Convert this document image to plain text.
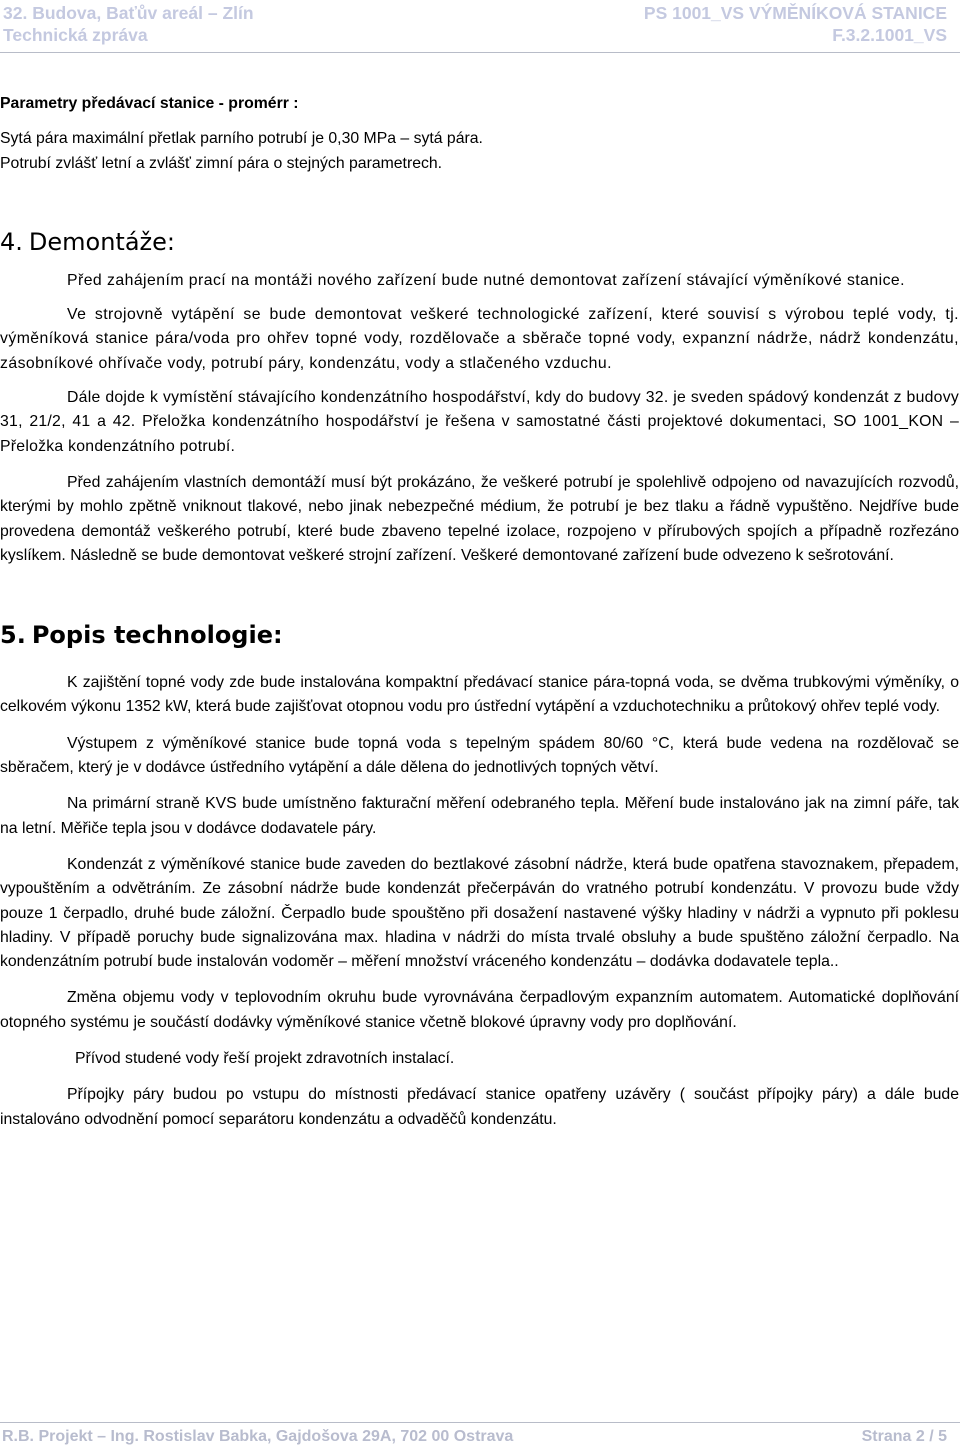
32. Budova, Baťův areál – Zlín
Technická zpráva
PS 1001_VS VÝMĚNÍKOVÁ STANICE
F.3.2.1001_VS

Parametry předávací stanice - promérr :

Sytá pára maximální přetlak parního potrubí je 0,30 MPa – sytá pára.

Potrubí zvlášť letní a zvlášť zimní pára o stejných parametrech.

4. Demontáže:

Před zahájením prací na montáži nového zařízení bude nutné demontovat zařízení stávající výměníkové stanice.

Ve strojovně vytápění se bude demontovat veškeré technologické zařízení, které souvisí s výrobou teplé vody, tj. výměníková stanice pára/voda pro ohřev topné vody, rozdělovače a sběrače topné vody, expanzní nádrže, nádrž kondenzátu, zásobníkové ohřívače vody, potrubí páry, kondenzátu, vody a stlačeného vzduchu.

Dále dojde k vymístění stávajícího kondenzátního hospodářství, kdy do budovy 32. je sveden spádový kondenzát z budovy 31, 21/2, 41 a 42. Přeložka kondenzátního hospodářství je řešena v samostatné části projektové dokumentaci, SO 1001_KON – Přeložka kondenzátního potrubí.

Před zahájením vlastních demontáží musí být prokázáno, že veškeré potrubí je spolehlivě odpojeno od navazujících rozvodů, kterými by mohlo zpětně vniknout tlakové, nebo jinak nebezpečné médium, že potrubí je bez tlaku a řádně vypuštěno. Nejdříve bude provedena demontáž veškerého potrubí, které bude zbaveno tepelné izolace, rozpojeno v přírubových spojích a případně rozřezáno kyslíkem. Následně se bude demontovat veškeré strojní zařízení. Veškeré demontované zařízení bude odvezeno k sešrotování.

5. Popis technologie:

K zajištění topné vody zde bude instalována kompaktní předávací stanice pára-topná voda, se dvěma trubkovými výměníky, o celkovém výkonu 1352 kW, která bude zajišťovat otopnou vodu pro ústřední vytápění a vzduchotechniku a průtokový ohřev teplé vody.

Výstupem z výměníkové stanice bude topná voda s tepelným spádem 80/60 °C, která bude vedena na rozdělovač se sběračem, který je v dodávce ústředního vytápění a dále dělena do jednotlivých topných větví.

Na primární straně KVS bude umístněno fakturační měření odebraného tepla. Měření bude instalováno jak na zimní páře, tak na letní. Měřiče tepla jsou v dodávce dodavatele páry.

Kondenzát z výměníkové stanice bude zaveden do beztlakové zásobní nádrže, která bude opatřena stavoznakem, přepadem, vypouštěním a odvětráním. Ze zásobní nádrže bude kondenzát přečerpáván do vratného potrubí kondenzátu. V provozu bude vždy pouze 1 čerpadlo, druhé bude záložní. Čerpadlo bude spouštěno při dosažení nastavené výšky hladiny v nádrži a vypnuto při poklesu hladiny. V případě poruchy bude signalizována max. hladina v nádrži do místa trvalé obsluhy a bude spuštěno záložní čerpadlo. Na kondenzátním potrubí bude instalován vodoměr – měření množství vráceného kondenzátu – dodávka dodavatele tepla..

Změna objemu vody v teplovodním okruhu bude vyrovnávána čerpadlovým expanzním automatem. Automatické doplňování otopného systému je součástí dodávky výměníkové stanice včetně blokové úpravny vody pro doplňování.

Přívod studené vody řeší projekt zdravotních instalací.

Přípojky páry budou po vstupu do místnosti předávací stanice opatřeny uzávěry ( součást přípojky páry) a dále bude instalováno odvodnění pomocí separátoru kondenzátu a odvaděčů kondenzátu.

R.B. Projekt – Ing. Rostislav Babka, Gajdošova 29A, 702 00 Ostrava	Strana 2 / 5
